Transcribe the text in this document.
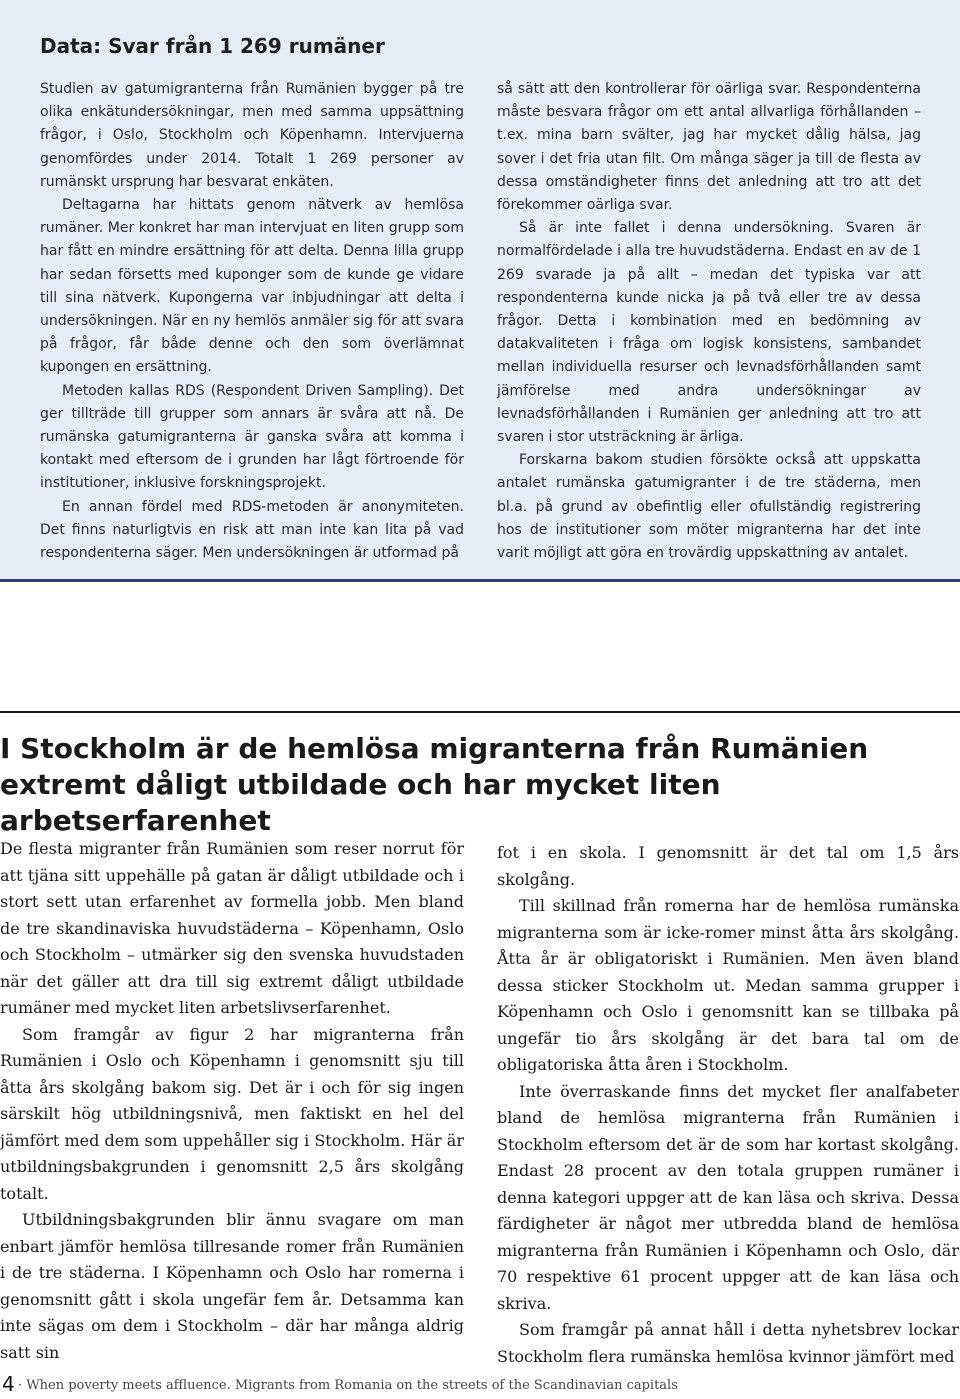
Data: Svar från 1 269 rumäner

Studien av gatumigranterna från Rumänien bygger på tre olika enkätundersökningar, men med samma uppsättning frågor, i Oslo, Stockholm och Köpenhamn. Intervjuerna genomfördes under 2014. Totalt 1 269 personer av rumänskt ursprung har besvarat enkäten.

Deltagarna har hittats genom nätverk av hemlösa rumäner. Mer konkret har man intervjuat en liten grupp som har fått en mindre ersättning för att delta. Denna lilla grupp har sedan försetts med kuponger som de kunde ge vidare till sina nätverk. Kupongerna var inbjudningar att delta i undersökningen. När en ny hemlös anmäler sig för att svara på frågor, får både denne och den som överlämnat kupongen en ersättning.

Metoden kallas RDS (Respondent Driven Sampling). Det ger tillträde till grupper som annars är svåra att nå. De rumänska gatumigranterna är ganska svåra att komma i kontakt med eftersom de i grunden har lågt förtroende för institutioner, inklusive forskningsprojekt.

En annan fördel med RDS-metoden är anonymiteten. Det finns naturligtvis en risk att man inte kan lita på vad respondenterna säger. Men undersökningen är utformad på

så sätt att den kontrollerar för oärliga svar. Respondenterna måste besvara frågor om ett antal allvarliga förhållanden – t.ex. mina barn svälter, jag har mycket dålig hälsa, jag sover i det fria utan filt. Om många säger ja till de flesta av dessa omständigheter finns det anledning att tro att det förekommer oärliga svar.

Så är inte fallet i denna undersökning. Svaren är normalfördelade i alla tre huvudstäderna. Endast en av de 1 269 svarade ja på allt – medan det typiska var att respondenterna kunde nicka ja på två eller tre av dessa frågor. Detta i kombination med en bedömning av datakvaliteten i fråga om logisk konsistens, sambandet mellan individuella resurser och levnadsförhållanden samt jämförelse med andra undersökningar av levnadsförhållanden i Rumänien ger anledning att tro att svaren i stor utsträckning är ärliga.

Forskarna bakom studien försökte också att uppskatta antalet rumänska gatumigranter i de tre städerna, men bl.a. på grund av obefintlig eller ofullständig registrering hos de institutioner som möter migranterna har det inte varit möjligt att göra en trovärdig uppskattning av antalet.

I Stockholm är de hemlösa migranterna från Rumänien extremt dåligt utbildade och har mycket liten arbetserfarenhet

De flesta migranter från Rumänien som reser norrut för att tjäna sitt uppehälle på gatan är dåligt utbildade och i stort sett utan erfarenhet av formella jobb. Men bland de tre skandinaviska huvudstäderna – Köpenhamn, Oslo och Stockholm – utmärker sig den svenska huvudstaden när det gäller att dra till sig extremt dåligt utbildade rumäner med mycket liten arbetslivserfarenhet.

Som framgår av figur 2 har migranterna från Rumänien i Oslo och Köpenhamn i genomsnitt sju till åtta års skolgång bakom sig. Det är i och för sig ingen särskilt hög utbildningsnivå, men faktiskt en hel del jämfört med dem som uppehåller sig i Stockholm. Här är utbildningsbakgrunden i genomsnitt 2,5 års skolgång totalt.

Utbildningsbakgrunden blir ännu svagare om man enbart jämför hemlösa tillresande romer från Rumänien i de tre städerna. I Köpenhamn och Oslo har romerna i genomsnitt gått i skola ungefär fem år. Detsamma kan inte sägas om dem i Stockholm – där har många aldrig satt sin

fot i en skola. I genomsnitt är det tal om 1,5 års skolgång.

Till skillnad från romerna har de hemlösa rumänska migranterna som är icke-romer minst åtta års skolgång. Åtta år är obligatoriskt i Rumänien. Men även bland dessa sticker Stockholm ut. Medan samma grupper i Köpenhamn och Oslo i genomsnitt kan se tillbaka på ungefär tio års skolgång är det bara tal om de obligatoriska åtta åren i Stockholm.

Inte överraskande finns det mycket fler analfabeter bland de hemlösa migranterna från Rumänien i Stockholm eftersom det är de som har kortast skolgång. Endast 28 procent av den totala gruppen rumäner i denna kategori uppger att de kan läsa och skriva. Dessa färdigheter är något mer utbredda bland de hemlösa migranterna från Rumänien i Köpenhamn och Oslo, där 70 respektive 61 procent uppger att de kan läsa och skriva.

Som framgår på annat håll i detta nyhetsbrev lockar Stockholm flera rumänska hemlösa kvinnor jämfört med

4 · When poverty meets affluence. Migrants from Romania on the streets of the Scandinavian capitals
